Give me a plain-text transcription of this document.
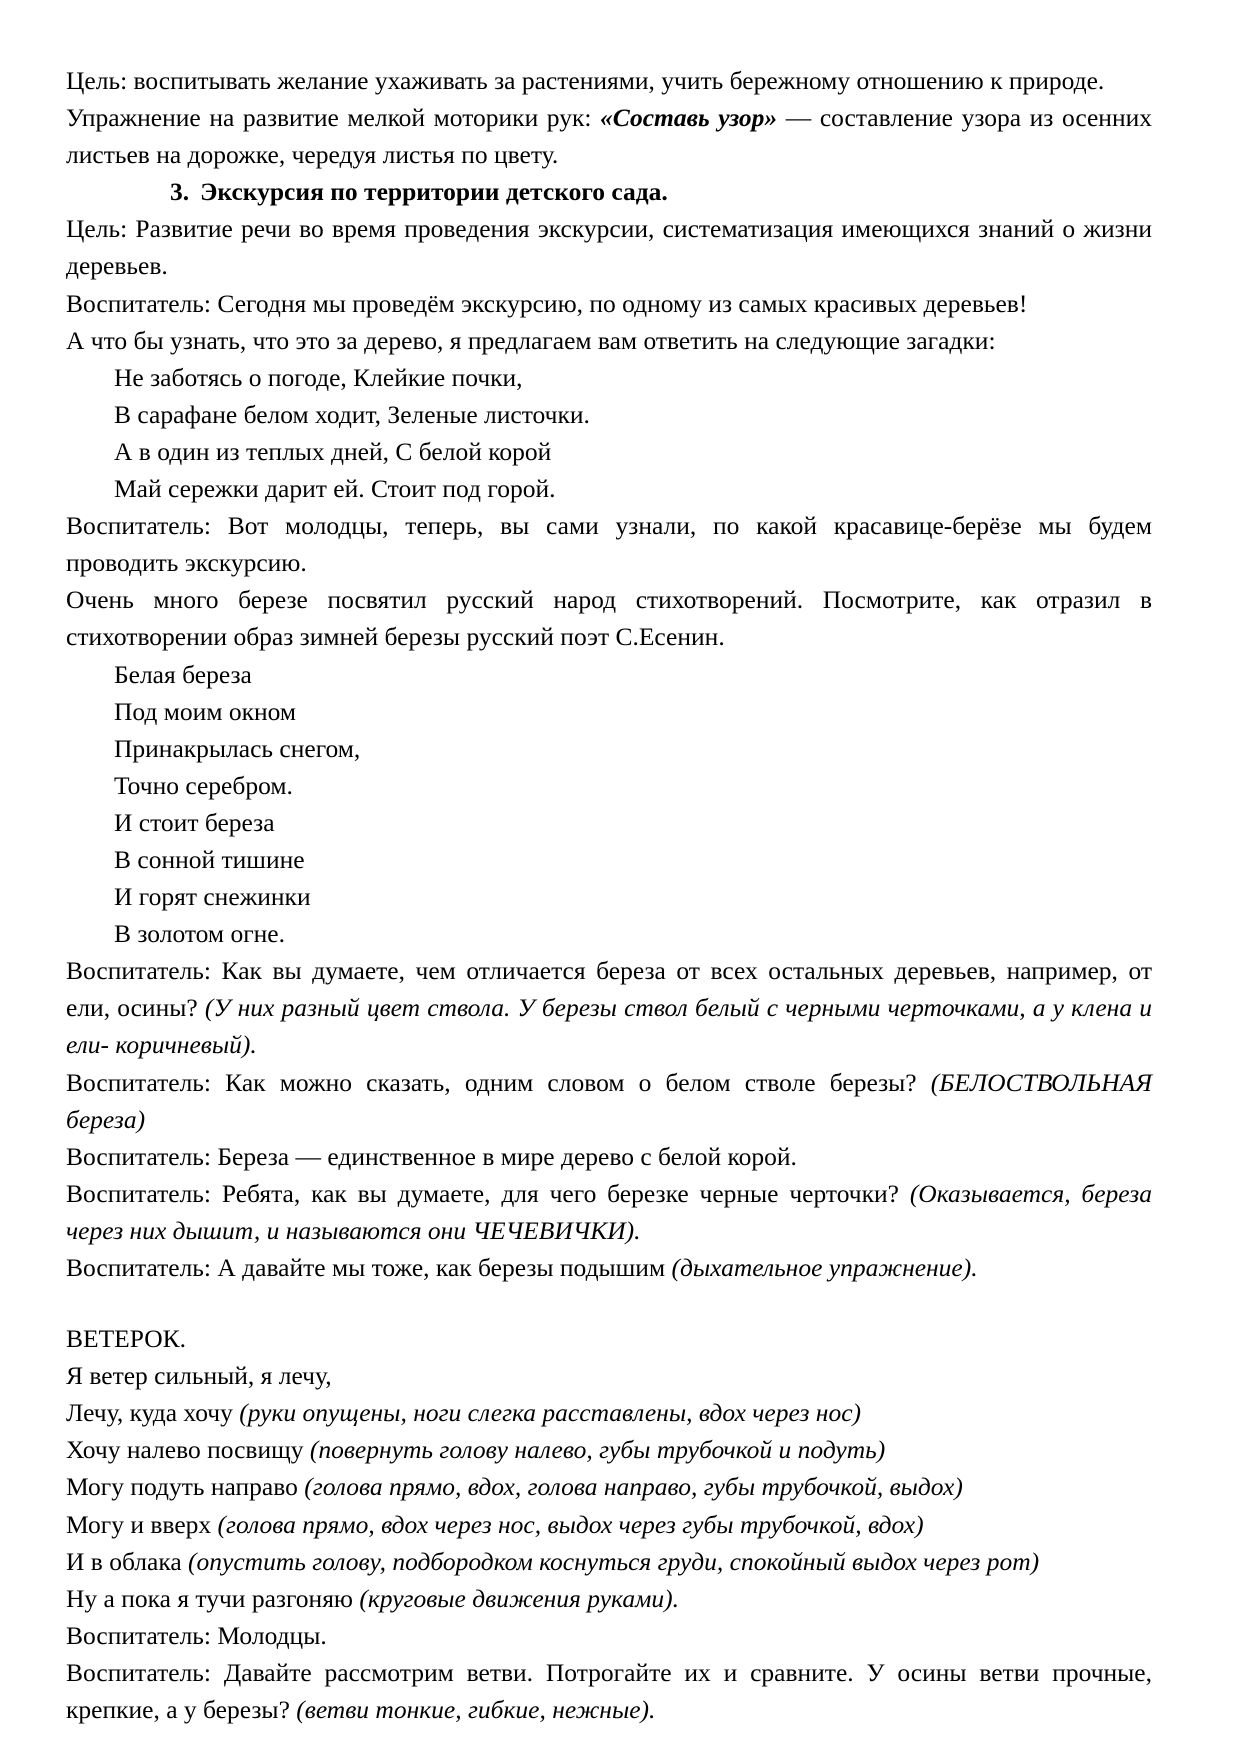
Цель: воспитывать желание ухаживать за растениями, учить бережному отношению к природе.

Упражнение на развитие мелкой моторики рук: «Составь узор» — составление узора из осенних листьев на дорожке, чередуя листья по цвету.

3. Экскурсия по территории детского сада.

Цель: Развитие речи во время проведения экскурсии, систематизация имеющихся знаний о жизни деревьев.

Воспитатель: Сегодня мы проведём экскурсию, по одному из самых красивых деревьев!

А что бы узнать, что это за дерево, я предлагаем вам ответить на следующие загадки:

Не заботясь о погоде, Клейкие почки,

В сарафане белом ходит, Зеленые листочки.

А в один из теплых дней, С белой корой

Май сережки дарит ей. Стоит под горой.

Воспитатель: Вот молодцы, теперь, вы сами узнали, по какой красавице-берёзе мы будем проводить экскурсию.

Очень много березе посвятил русский народ стихотворений. Посмотрите, как отразил в стихотворении образ зимней березы русский поэт С.Есенин.

Белая береза

Под моим окном

Принакрылась снегом,

Точно серебром.

И стоит береза

В сонной тишине

И горят снежинки

В золотом огне.

Воспитатель: Как вы думаете, чем отличается береза от всех остальных деревьев, например, от ели, осины? (У них разный цвет ствола. У березы ствол белый с черными черточками, а у клена и ели- коричневый).

Воспитатель: Как можно сказать, одним словом о белом стволе березы? (БЕЛОСТВОЛЬНАЯ береза)

Воспитатель: Береза — единственное в мире дерево с белой корой.

Воспитатель: Ребята, как вы думаете, для чего березке черные черточки? (Оказывается, береза через них дышит, и называются они ЧЕЧЕВИЧКИ).

Воспитатель: А давайте мы тоже, как березы подышим (дыхательное упражнение).

ВЕТЕРОК.

Я ветер сильный, я лечу,

Лечу, куда хочу (руки опущены, ноги слегка расставлены, вдох через нос)

Хочу налево посвищу (повернуть голову налево, губы трубочкой и подуть)

Могу подуть направо (голова прямо, вдох, голова направо, губы трубочкой, выдох)

Могу и вверх (голова прямо, вдох через нос, выдох через губы трубочкой, вдох)

И в облака (опустить голову, подбородком коснуться груди, спокойный выдох через рот)

Ну а пока я тучи разгоняю (круговые движения руками).

Воспитатель: Молодцы.

Воспитатель: Давайте рассмотрим ветви. Потрогайте их и сравните. У осины ветви прочные, крепкие, а у березы? (ветви тонкие, гибкие, нежные).
